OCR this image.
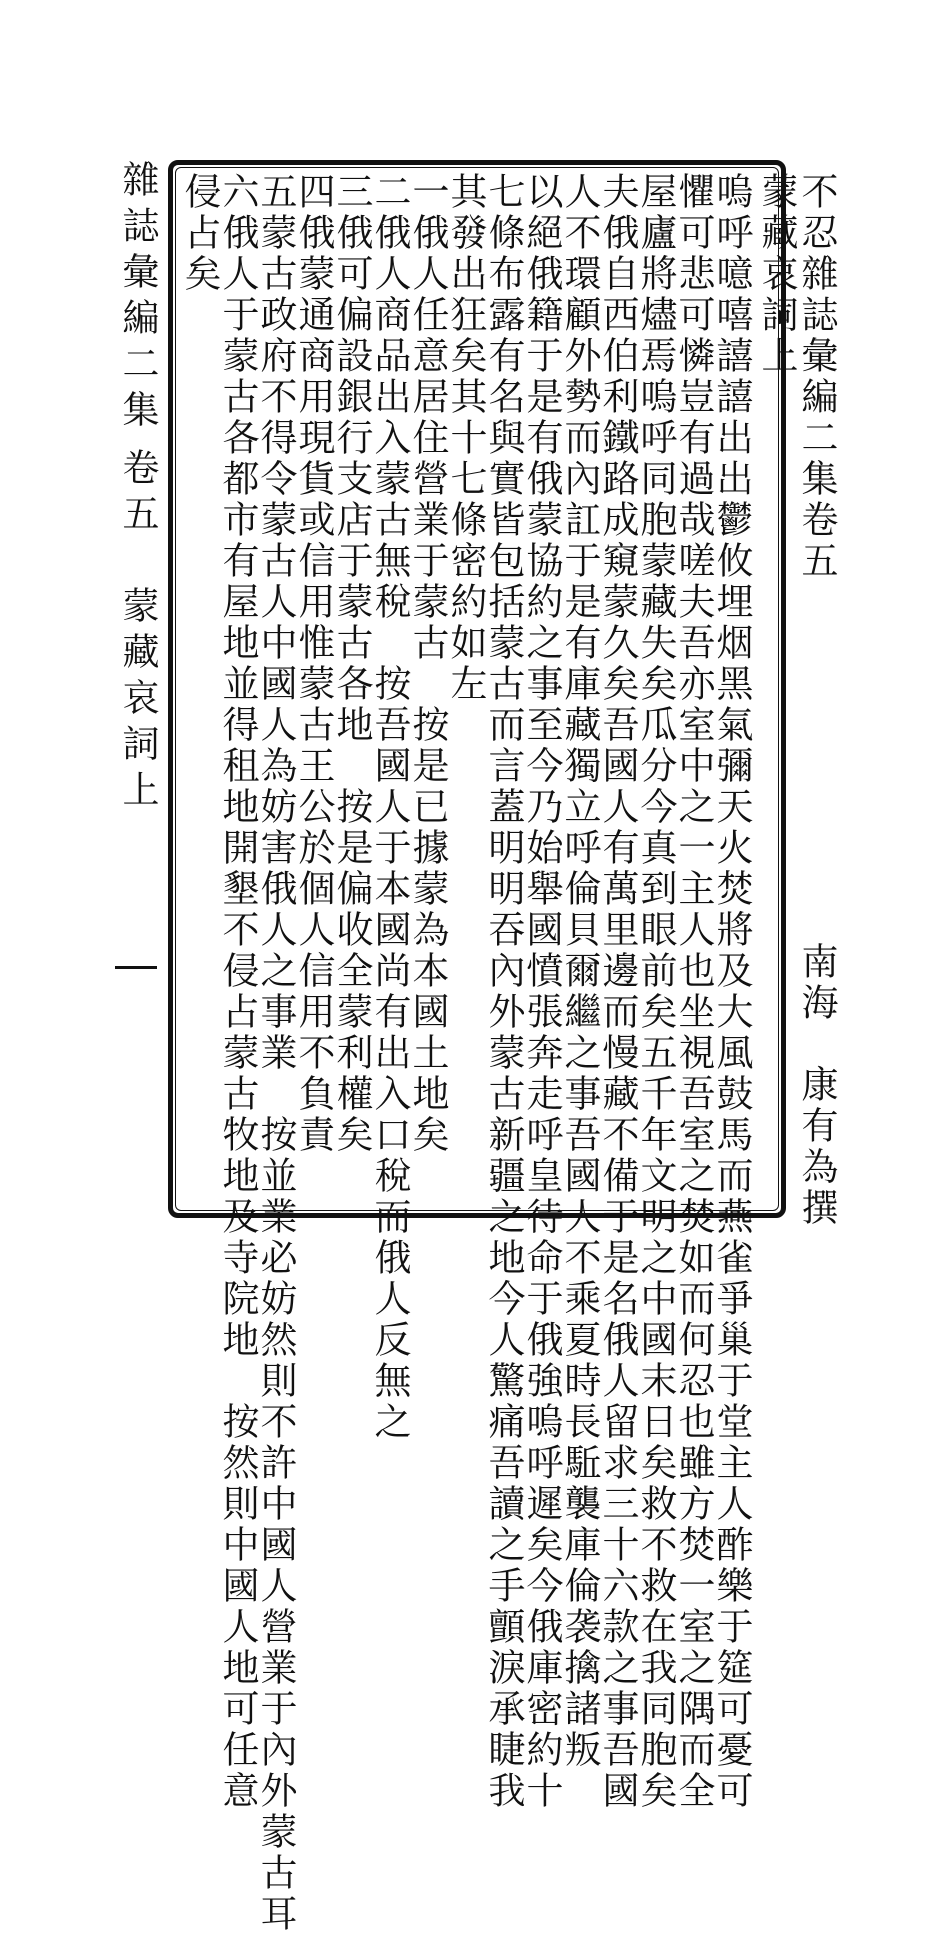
雜誌彙編二集卷五　蒙藏哀詞上
不忍雜誌彙編二集卷五
蒙藏哀詞上
南海　康有為撰
嗚呼噫嘻譆譆出出鬱攸埋烟黑氣彌天火焚將及大風鼓馬而燕雀爭巢于堂主人酢樂于筵可憂可
懼可悲可憐豈有過哉嗟夫吾亦室中之一主人也坐視吾室之焚如而何忍也雖方焚一室之隅而全
屋廬將燼焉嗚呼同胞蒙藏失矣瓜分今真到眼前矣五千年文明之中國末日矣救不救在我同胞矣
夫俄自西伯利鐵路成窺蒙久矣吾國人有萬里邊而慢藏不備于是名俄人留求三十六款之事吾國
人不環顧外勢而內訌于是有庫藏獨立呼倫貝爾繼之事吾國人不乘夏時長駈襲庫倫袭擒諸叛
以絕俄籍于是有俄蒙協約之事至今乃始舉國憤張奔走呼皇待命于俄強嗚呼遲矣今俄庫密約十
七條布露有名與實皆包括蒙古而言蓋明明吞內外蒙古新疆之地今人驚痛吾讀之手顫淚承睫我
其發出狂矣其十七條密約如左
一俄人任意居住營業于蒙古　按是已據蒙為本國土地矣
二俄人商品出入蒙古無稅　按吾國人于本國尚有出入口稅而俄人反無之
三俄可偏設銀行支店于蒙古各地　按是偏收全蒙利權矣
四俄蒙通商用現貨或信用惟蒙古王公於個人信用不負責
五蒙古政府不得令蒙古人中國人為妨害俄人之事業　按並業必妨然則不許中國人營業于內外蒙古耳
六俄人于蒙古各都市有屋地並得租地開墾不侵占蒙古牧地及寺院地　按然則中國人地可任意
侵占矣
